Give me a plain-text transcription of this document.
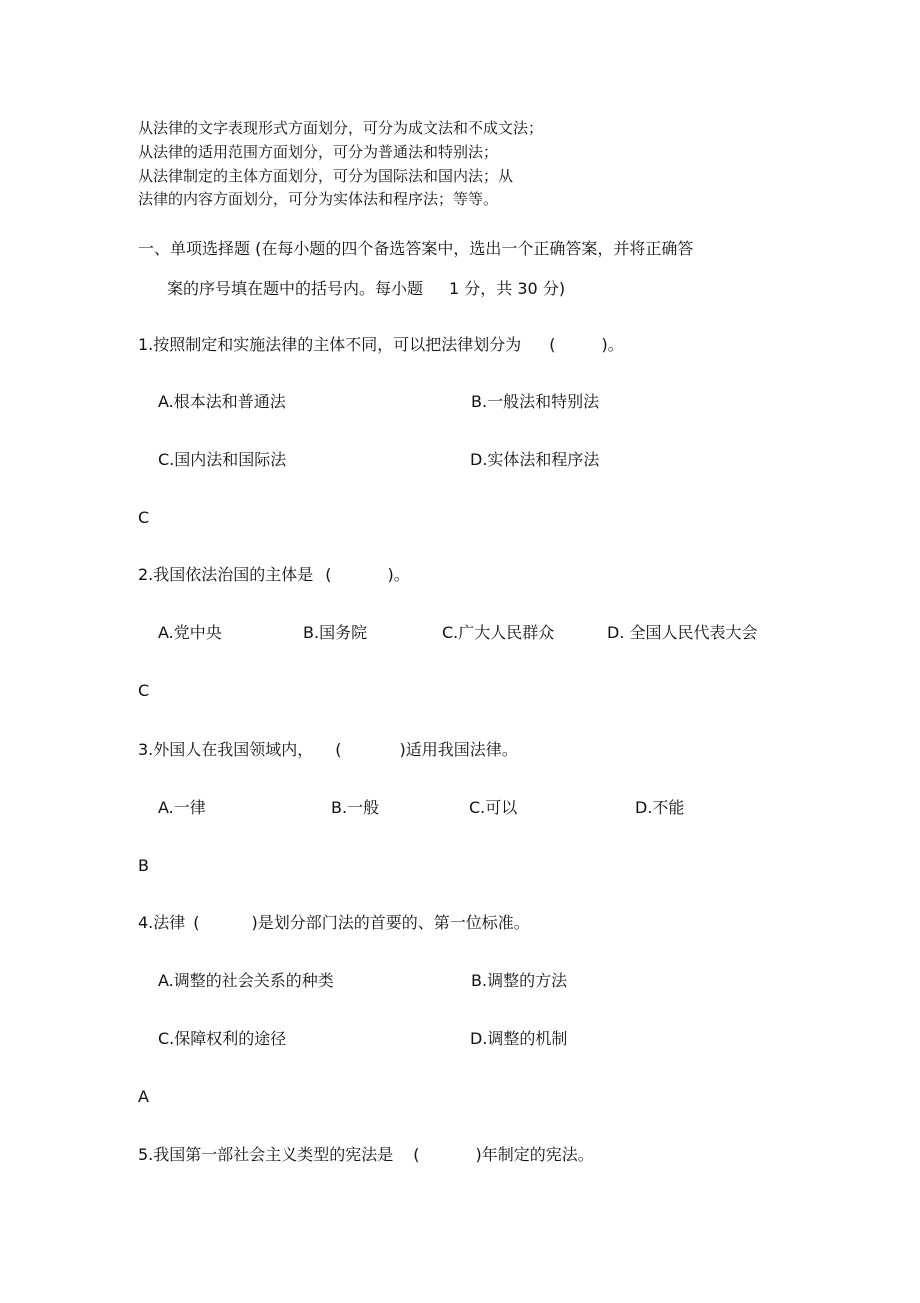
从法律的文字表现形式方面划分，可分为成文法和不成文法；
从法律的适用范围方面划分，可分为普通法和特别法；
从法律制定的主体方面划分，可分为国际法和国内法；从
法律的内容方面划分，可分为实体法和程序法；等等。
一、单项选择题 (在每小题的四个备选答案中，选出一个正确答案，并将正确答
案的序号填在题中的括号内。每小题 1 分，共 30 分)
1.按照制定和实施法律的主体不同，可以把法律划分为 (	)。
A.根本法和普通法	B.一般法和特别法
C.国内法和国际法	D.实体法和程序法
C
2.我国依法治国的主体是 (	)。
A.党中央	B.国务院	C.广大人民群众	D. 全国人民代表大会
C
3.外国人在我国领域内， (	)适用我国法律。
A.一律	B.一般	C.可以	D.不能
B
4.法律 (	)是划分部门法的首要的、第一位标准。
A.调整的社会关系的种类	B.调整的方法
C.保障权利的途径	D.调整的机制
A
5.我国第一部社会主义类型的宪法是 (	)年制定的宪法。
